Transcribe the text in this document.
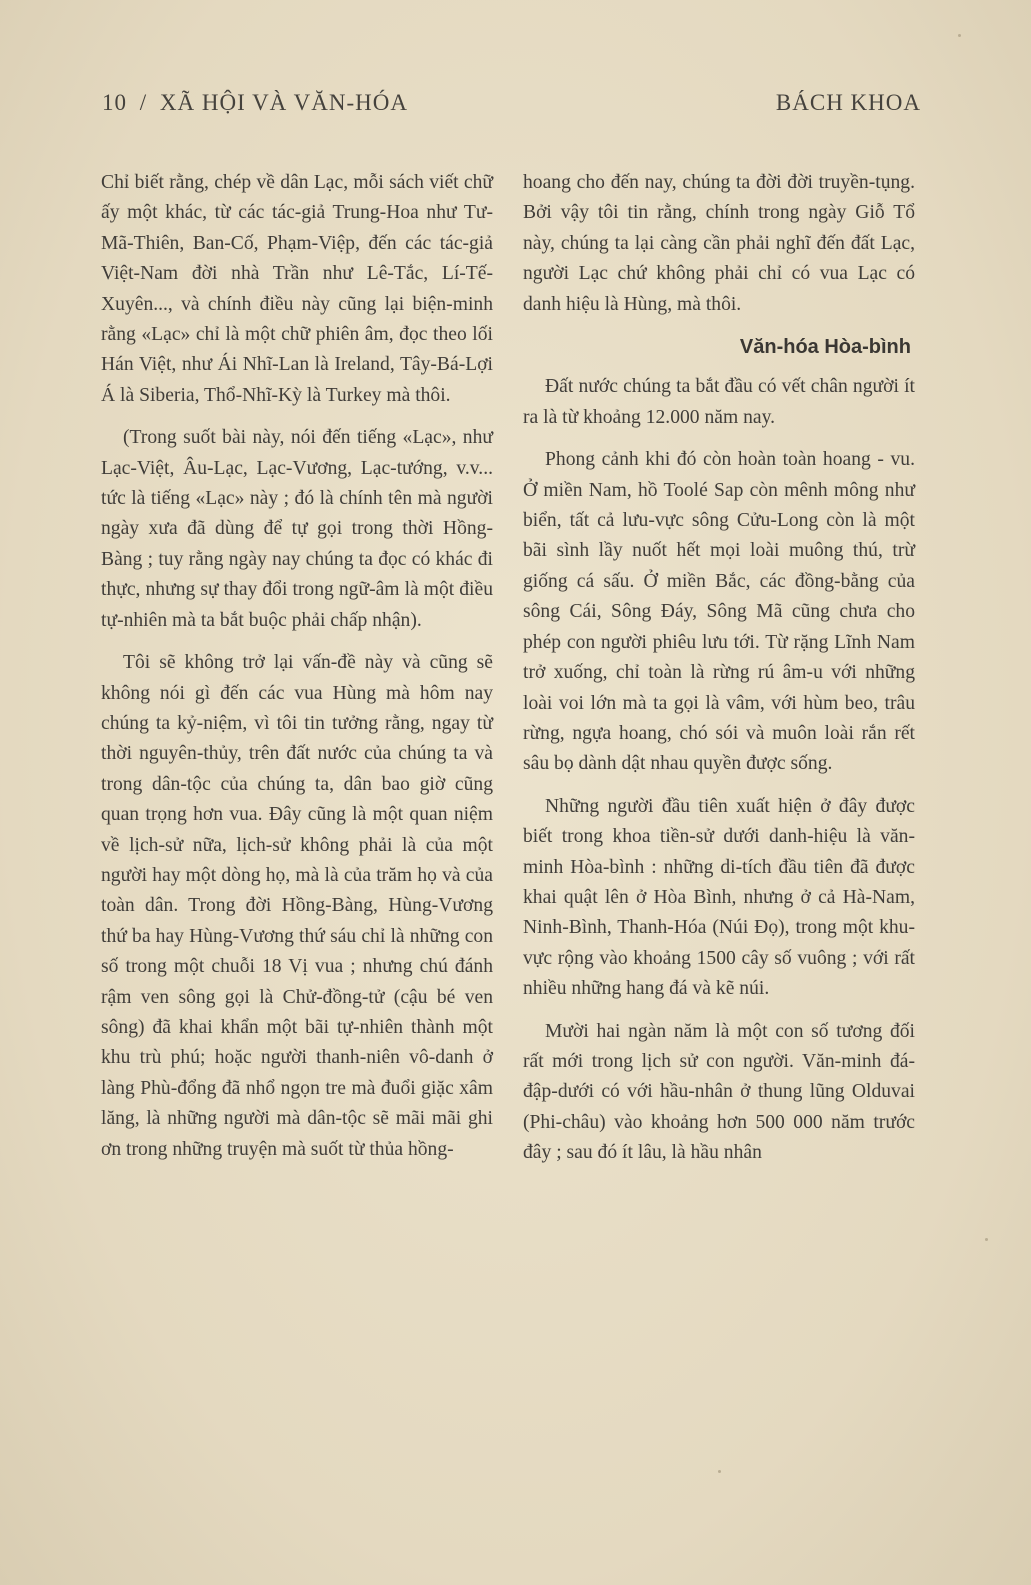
10 / XÃ HỘI VÀ VĂN-HÓA	BÁCH KHOA

Chỉ biết rằng, chép về dân Lạc, mỗi sách viết chữ ấy một khác, từ các tác-giả Trung-Hoa như Tư-Mã-Thiên, Ban-Cố, Phạm-Việp, đến các tác-giả Việt-Nam đời nhà Trần như Lê-Tắc, Lí-Tế-Xuyên..., và chính điều này cũng lại biện-minh rằng «Lạc» chỉ là một chữ phiên âm, đọc theo lối Hán Việt, như Ái Nhĩ-Lan là Ireland, Tây-Bá-Lợi Á là Siberia, Thổ-Nhĩ-Kỳ là Turkey mà thôi.

(Trong suốt bài này, nói đến tiếng «Lạc», như Lạc-Việt, Âu-Lạc, Lạc-Vương, Lạc-tướng, v.v... tức là tiếng «Lạc» này ; đó là chính tên mà người ngày xưa đã dùng để tự gọi trong thời Hồng-Bàng ; tuy rằng ngày nay chúng ta đọc có khác đi thực, nhưng sự thay đổi trong ngữ-âm là một điều tự-nhiên mà ta bắt buộc phải chấp nhận).

Tôi sẽ không trở lại vấn-đề này và cũng sẽ không nói gì đến các vua Hùng mà hôm nay chúng ta kỷ-niệm, vì tôi tin tưởng rằng, ngay từ thời nguyên-thủy, trên đất nước của chúng ta và trong dân-tộc của chúng ta, dân bao giờ cũng quan trọng hơn vua. Đây cũng là một quan niệm về lịch-sử nữa, lịch-sử không phải là của một người hay một dòng họ, mà là của trăm họ và của toàn dân. Trong đời Hồng-Bàng, Hùng-Vương thứ ba hay Hùng-Vương thứ sáu chỉ là những con số trong một chuỗi 18 Vị vua ; nhưng chú đánh rậm ven sông gọi là Chử-đồng-tử (cậu bé ven sông) đã khai khẩn một bãi tự-nhiên thành một khu trù phú; hoặc người thanh-niên vô-danh ở làng Phù-đổng đã nhổ ngọn tre mà đuổi giặc xâm lăng, là những người mà dân-tộc sẽ mãi mãi ghi ơn trong những truyện mà suốt từ thủa hồng-

hoang cho đến nay, chúng ta đời đời truyền-tụng. Bởi vậy tôi tin rằng, chính trong ngày Giỗ Tổ này, chúng ta lại càng cần phải nghĩ đến đất Lạc, người Lạc chứ không phải chỉ có vua Lạc có danh hiệu là Hùng, mà thôi.

Văn-hóa Hòa-bình

Đất nước chúng ta bắt đầu có vết chân người ít ra là từ khoảng 12.000 năm nay.

Phong cảnh khi đó còn hoàn toàn hoang - vu. Ở miền Nam, hồ Toolé Sap còn mênh mông như biển, tất cả lưu-vực sông Cửu-Long còn là một bãi sình lầy nuốt hết mọi loài muông thú, trừ giống cá sấu. Ở miền Bắc, các đồng-bằng của sông Cái, Sông Đáy, Sông Mã cũng chưa cho phép con người phiêu lưu tới. Từ rặng Lĩnh Nam trở xuống, chỉ toàn là rừng rú âm-u với những loài voi lớn mà ta gọi là vâm, với hùm beo, trâu rừng, ngựa hoang, chó sói và muôn loài rắn rết sâu bọ dành dật nhau quyền được sống.

Những người đầu tiên xuất hiện ở đây được biết trong khoa tiền-sử dưới danh-hiệu là văn-minh Hòa-bình : những di-tích đầu tiên đã được khai quật lên ở Hòa Bình, nhưng ở cả Hà-Nam, Ninh-Bình, Thanh-Hóa (Núi Đọ), trong một khu-vực rộng vào khoảng 1500 cây số vuông ; với rất nhiều những hang đá và kẽ núi.

Mười hai ngàn năm là một con số tương đối rất mới trong lịch sử con người. Văn-minh đá-đập-dưới có với hầu-nhân ở thung lũng Olduvai (Phi-châu) vào khoảng hơn 500 000 năm trước đây ; sau đó ít lâu, là hầu nhân
